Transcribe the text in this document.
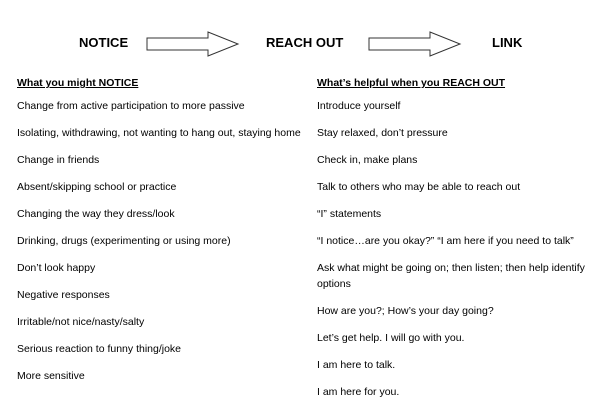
NOTICE	REACH OUT	LINK
What you might NOTICE
Change from active participation to more passive
Isolating, withdrawing, not wanting to hang out, staying home
Change in friends
Absent/skipping school or practice
Changing the way they dress/look
Drinking, drugs (experimenting or using more)
Don’t look happy
Negative responses
Irritable/not nice/nasty/salty
Serious reaction to funny thing/joke
More sensitive
What’s helpful when you REACH OUT
Introduce yourself
Stay relaxed, don’t pressure
Check in, make plans
Talk to others who may be able to reach out
“I” statements
“I notice…are you okay?” “I am here if you need to talk”
Ask what might be going on; then listen; then help identify options
How are you?; How’s your day going?
Let’s get help. I will go with you.
I am here to talk.
I am here for you.
